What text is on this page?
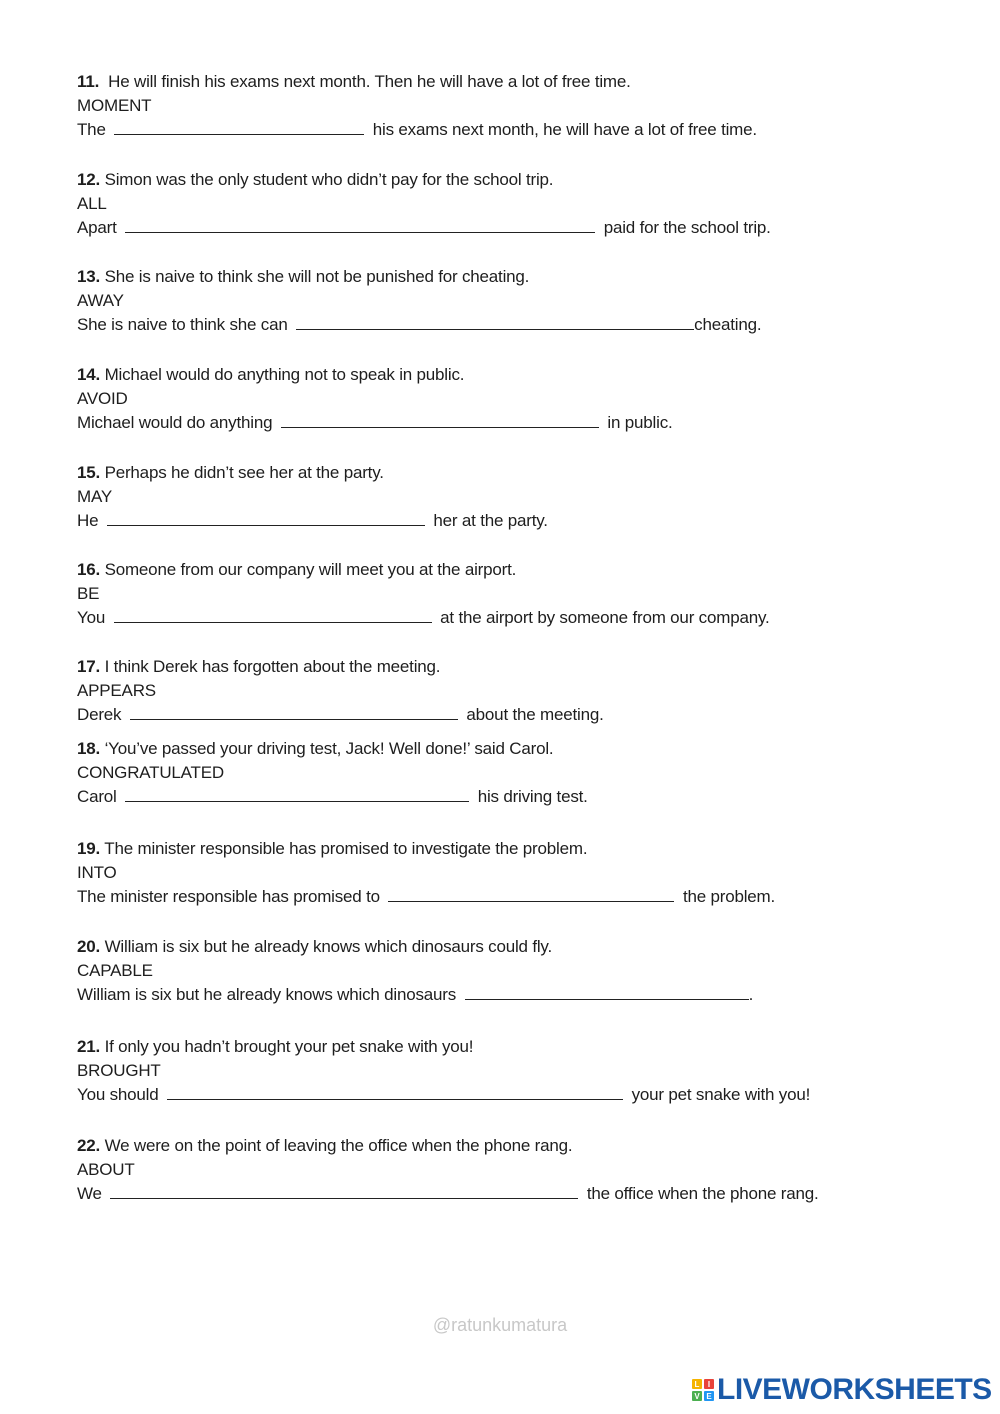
11. He will finish his exams next month. Then he will have a lot of free time.
MOMENT
The	his exams next month, he will have a lot of free time.
12. Simon was the only student who didn’t pay for the school trip.
ALL
Apart	paid for the school trip.
13. She is naive to think she will not be punished for cheating.
AWAY
She is naive to think she can	cheating.
14. Michael would do anything not to speak in public.
AVOID
Michael would do anything	in public.
15. Perhaps he didn’t see her at the party.
MAY
He	her at the party.
16. Someone from our company will meet you at the airport.
BE
You	at the airport by someone from our company.
17. I think Derek has forgotten about the meeting.
APPEARS
Derek	about the meeting.
18. ‘You’ve passed your driving test, Jack! Well done!’ said Carol.
CONGRATULATED
Carol	his driving test.
19. The minister responsible has promised to investigate the problem.
INTO
The minister responsible has promised to	the problem.
20. William is six but he already knows which dinosaurs could fly.
CAPABLE
William is six but he already knows which dinosaurs	.
21. If only you hadn’t brought your pet snake with you!
BROUGHT
You should	your pet snake with you!
22. We were on the point of leaving the office when the phone rang.
ABOUT
We	the office when the phone rang.
@ratunkumatura
L	I
V E LIVEWORKSHEETS
